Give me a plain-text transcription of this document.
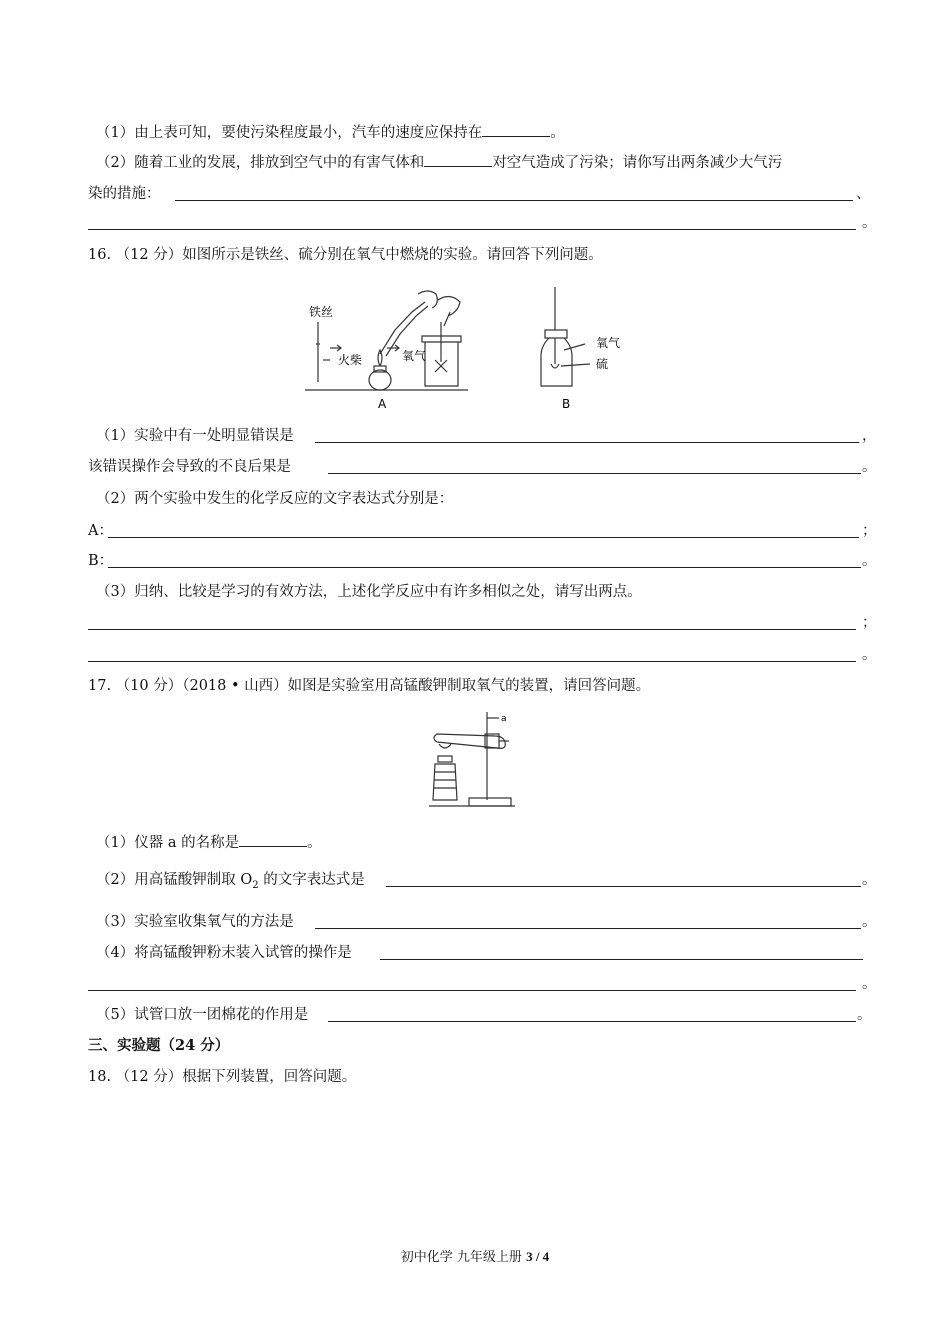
（1）由上表可知，要使污染程度最小，汽车的速度应保持在	。
（2）随着工业的发展，排放到空气中的有害气体和	对空气造成了污染；请你写出两条减少大气污
染的措施：	、
。
16. （12 分）如图所示是铁丝、硫分别在氧气中燃烧的实验。请回答下列问题。
铁丝
火柴	氧气
A
氧气
硫
B
（1）实验中有一处明显错误是	，
该错误操作会导致的不良后果是	。
（2）两个实验中发生的化学反应的文字表达式分别是：
A：	；
B：	。
（3）归纳、比较是学习的有效方法，上述化学反应中有许多相似之处，请写出两点。
；
。
17. （10 分）（2018 • 山西）如图是实验室用高锰酸钾制取氧气的装置，请回答问题。
a
（1）仪器 a 的名称是	。
（2）用高锰酸钾制取 $O_2$ 的文字表达式是	。
（3）实验室收集氧气的方法是	。
（4）将高锰酸钾粉末装入试管的操作是
。
（5）试管口放一团棉花的作用是	。
三、实验题（24 分）
18. （12 分）根据下列装置，回答问题。
初中化学 九年级上册 3 / 4
